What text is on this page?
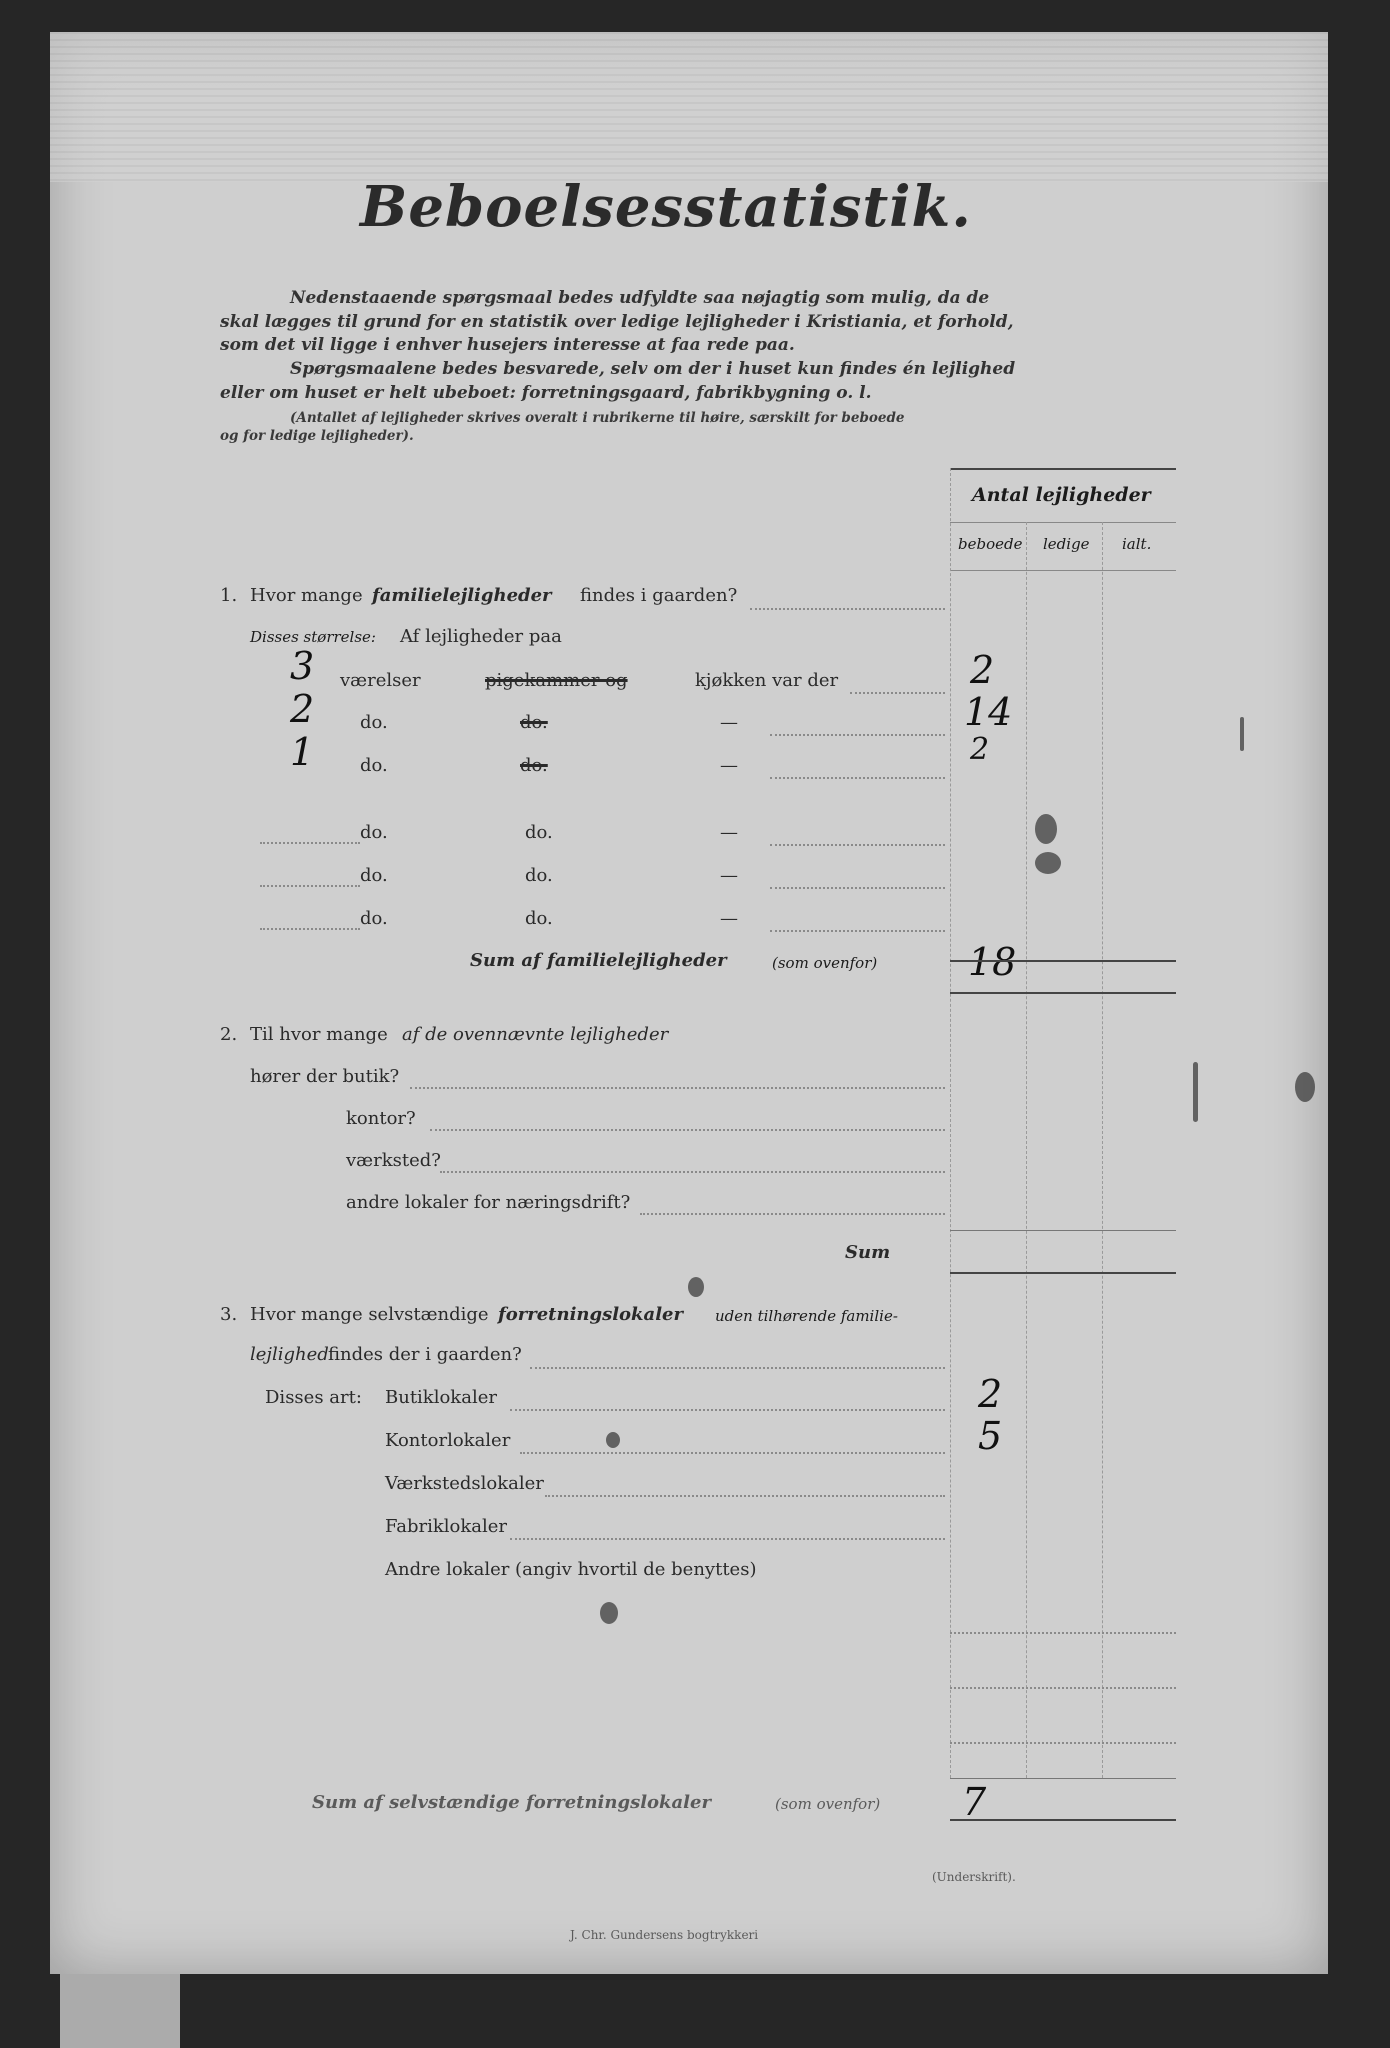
Beboelsesstatistik.
Nedenstaaende spørgsmaal bedes udfyldte saa nøjagtig som mulig, da de
skal lægges til grund for en statistik over ledige lejligheder i Kristiania, et forhold,
som det vil ligge i enhver husejers interesse at faa rede paa.
Spørgsmaalene bedes besvarede, selv om der i huset kun findes én lejlighed
eller om huset er helt ubeboet: forretningsgaard, fabrikbygning o. l.
(Antallet af lejligheder skrives overalt i rubrikerne til høire, særskilt for beboede
og for ledige lejligheder).
Antal lejligheder
beboede ledige ialt.
1. Hvor mange familielejligheder findes i gaarden?
Disses størrelse: Af lejligheder paa
3 værelser	pigekammer og	kjøkken var der	2
2	do.	do.	—	14
1	do.	do.	—	2
do.	do.	—
do.	do.	—
do.	do.	—
Sum af familielejligheder	(som ovenfor) 18
2. Til hvor mange af de ovennævnte lejligheder
hører der butik?
kontor?
værksted?
andre lokaler for næringsdrift?
Sum
3. Hvor mange selvstændige forretningslokaler uden tilhørende familie-
lejlighed findes der i gaarden?
Disses art: Butiklokaler	2
Kontorlokaler	5
Værkstedslokaler
Fabriklokaler
Andre lokaler (angiv hvortil de benyttes)
Sum af selvstændige forretningslokaler	(som ovenfor) 7
(Underskrift).
J. Chr. Gundersens bogtrykkeri
